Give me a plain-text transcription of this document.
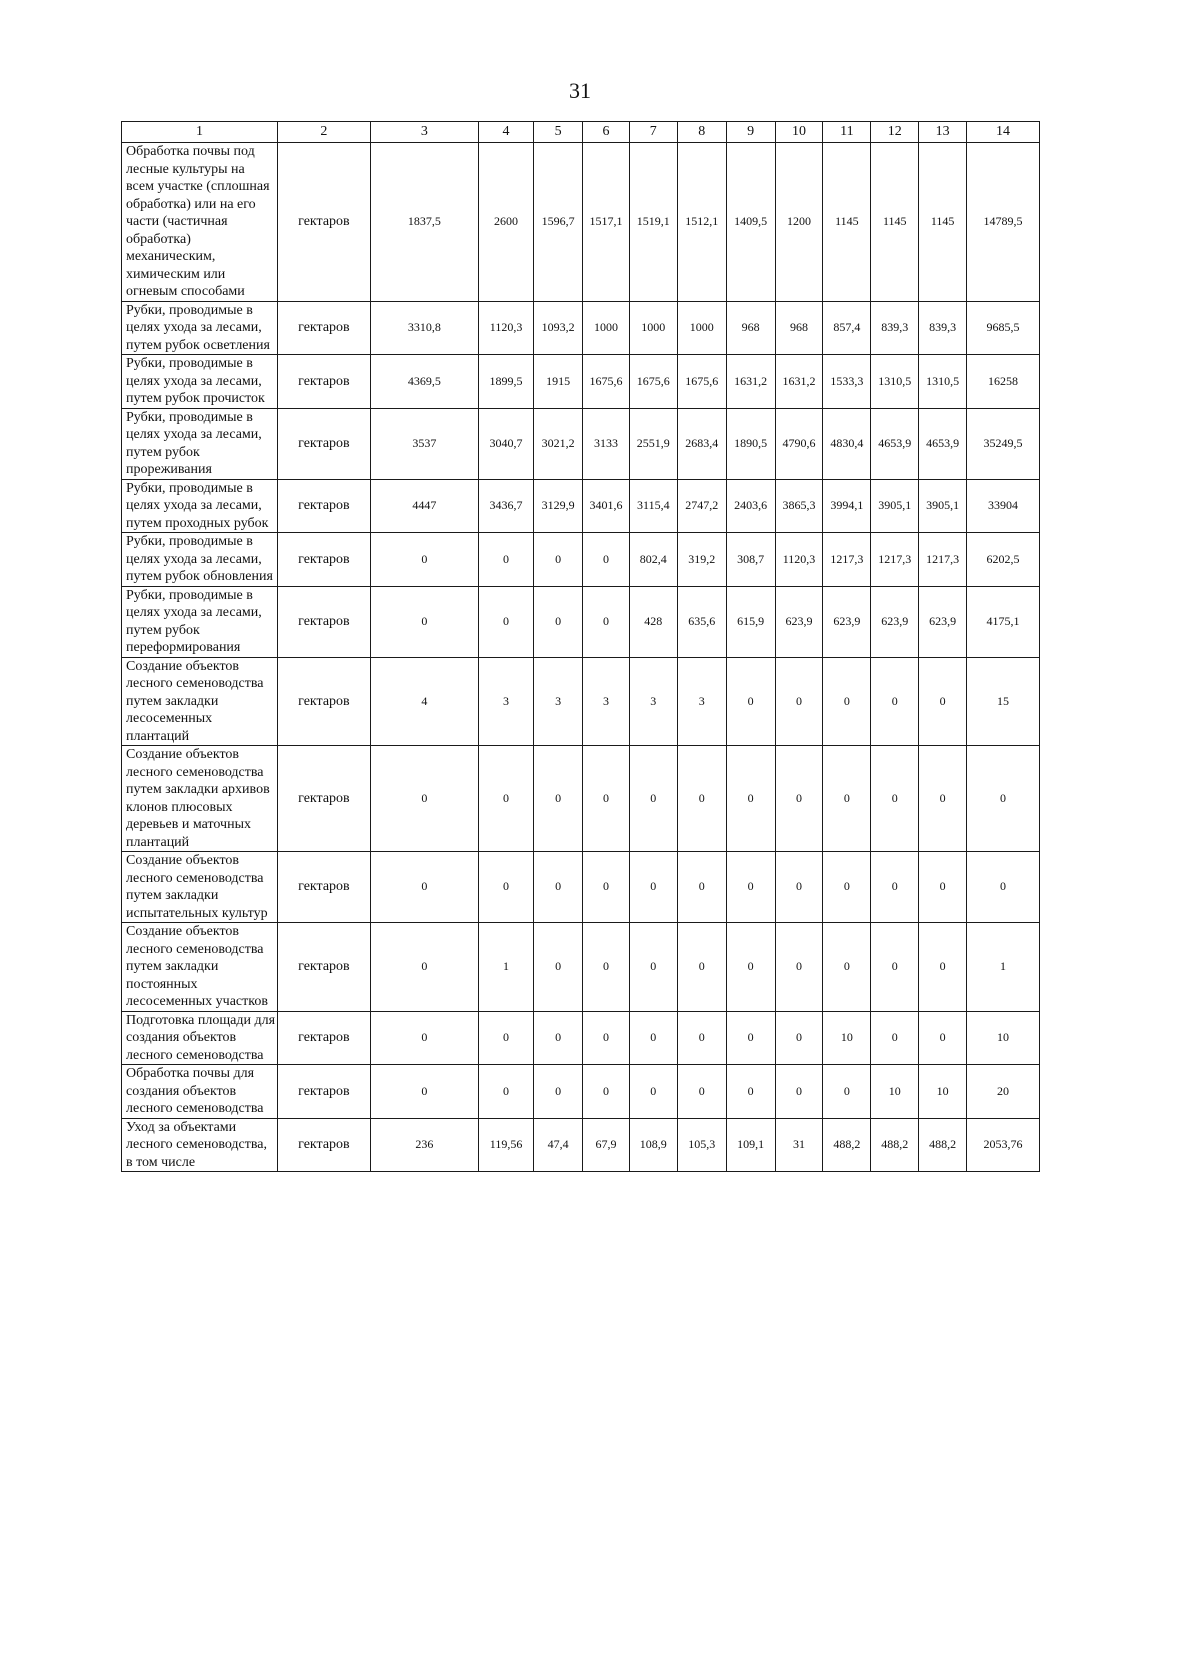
31
1	2	3	4	5	6	7	8	9	10	11	12	13	14
Обработка почвы под лесные культуры на всем участке (сплошная обработка) или на его части (частичная обработка) механическим, химическим или огневым способами	гектаров	1837,5	2600	1596,7	1517,1	1519,1	1512,1	1409,5	1200	1145	1145	1145	14789,5
Рубки, проводимые в целях ухода за лесами, путем рубок осветления	гектаров	3310,8	1120,3	1093,2	1000	1000	1000	968	968	857,4	839,3	839,3	9685,5
Рубки, проводимые в целях ухода за лесами, путем рубок прочисток	гектаров	4369,5	1899,5	1915	1675,6	1675,6	1675,6	1631,2	1631,2	1533,3	1310,5	1310,5	16258
Рубки, проводимые в целях ухода за лесами, путем рубок прореживания	гектаров	3537	3040,7	3021,2	3133	2551,9	2683,4	1890,5	4790,6	4830,4	4653,9	4653,9	35249,5
Рубки, проводимые в целях ухода за лесами, путем проходных рубок	гектаров	4447	3436,7	3129,9	3401,6	3115,4	2747,2	2403,6	3865,3	3994,1	3905,1	3905,1	33904
Рубки, проводимые в целях ухода за лесами, путем рубок обновления	гектаров	0	0	0	0	802,4	319,2	308,7	1120,3	1217,3	1217,3	1217,3	6202,5
Рубки, проводимые в целях ухода за лесами, путем рубок переформирования	гектаров	0	0	0	0	428	635,6	615,9	623,9	623,9	623,9	623,9	4175,1
Создание объектов лесного семеноводства путем закладки лесосеменных плантаций	гектаров	4	3	3	3	3	3	0	0	0	0	0	15
Создание объектов лесного семеноводства путем закладки архивов клонов плюсовых деревьев и маточных плантаций	гектаров	0	0	0	0	0	0	0	0	0	0	0	0
Создание объектов лесного семеноводства путем закладки испытательных культур	гектаров	0	0	0	0	0	0	0	0	0	0	0	0
Создание объектов лесного семеноводства путем закладки постоянных лесосеменных участков	гектаров	0	1	0	0	0	0	0	0	0	0	0	1
Подготовка площади для создания объектов лесного семеноводства	гектаров	0	0	0	0	0	0	0	0	10	0	0	10
Обработка почвы для создания объектов лесного семеноводства	гектаров	0	0	0	0	0	0	0	0	0	10	10	20
Уход за объектами лесного семеноводства, в том числе	гектаров	236	119,56	47,4	67,9	108,9	105,3	109,1	31	488,2	488,2	488,2	2053,76
